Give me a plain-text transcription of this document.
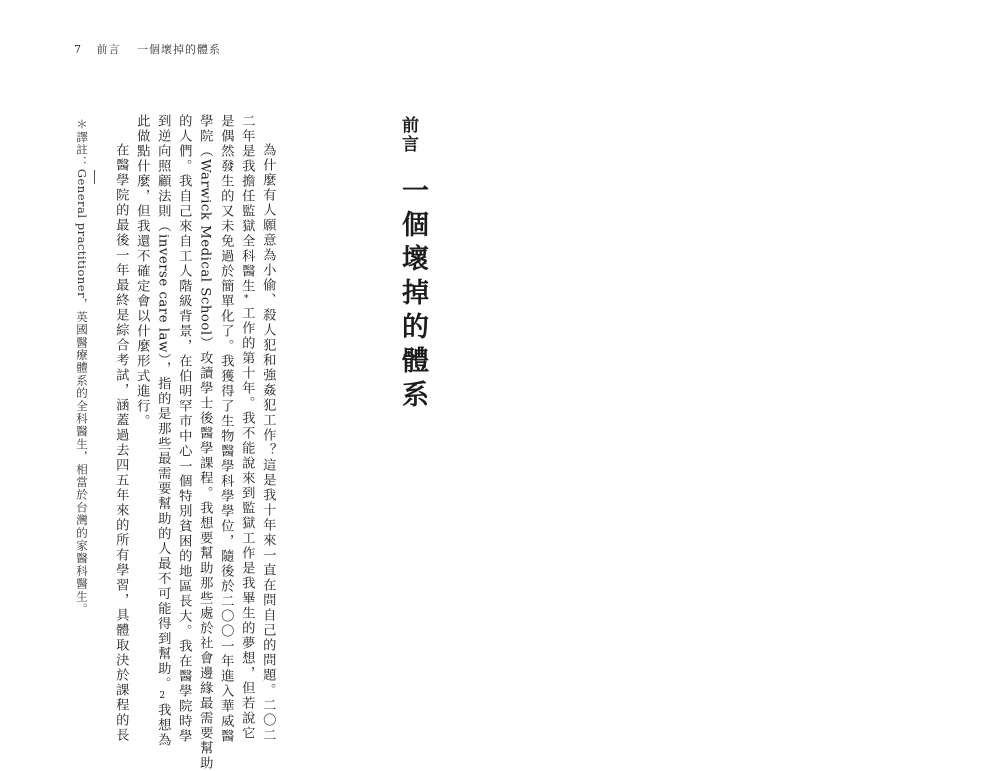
7 前言 一個壞掉的體系
前言
一個壞掉的體系
為什麼有人願意為小偷、殺人犯和強姦犯工作？這是我十年來一直在問自己的問題。二〇二
二年是我擔任監獄全科醫生*工作的第十年。我不能說來到監獄工作是我畢生的夢想，但若說它
是偶然發生的又未免過於簡單化了。我獲得了生物醫學科學學位，隨後於二〇〇一年進入華威醫
學院（Warwick Medical School）攻讀學士後醫學課程。我想要幫助那些處於社會邊緣最需要幫助
的人們。我自己來自工人階級背景，在伯明罕市中心一個特別貧困的地區長大。我在醫學院時學
到逆向照顧法則（inverse care law），指的是那些最需要幫助的人最不可能得到幫助。2我想為
此做點什麼，但我還不確定會以什麼形式進行。
在醫學院的最後一年最終是綜合考試，涵蓋過去四五年來的所有學習，具體取決於課程的長
＊譯註：General practitioner，英國醫療體系的全科醫生，相當於台灣的家醫科醫生。
